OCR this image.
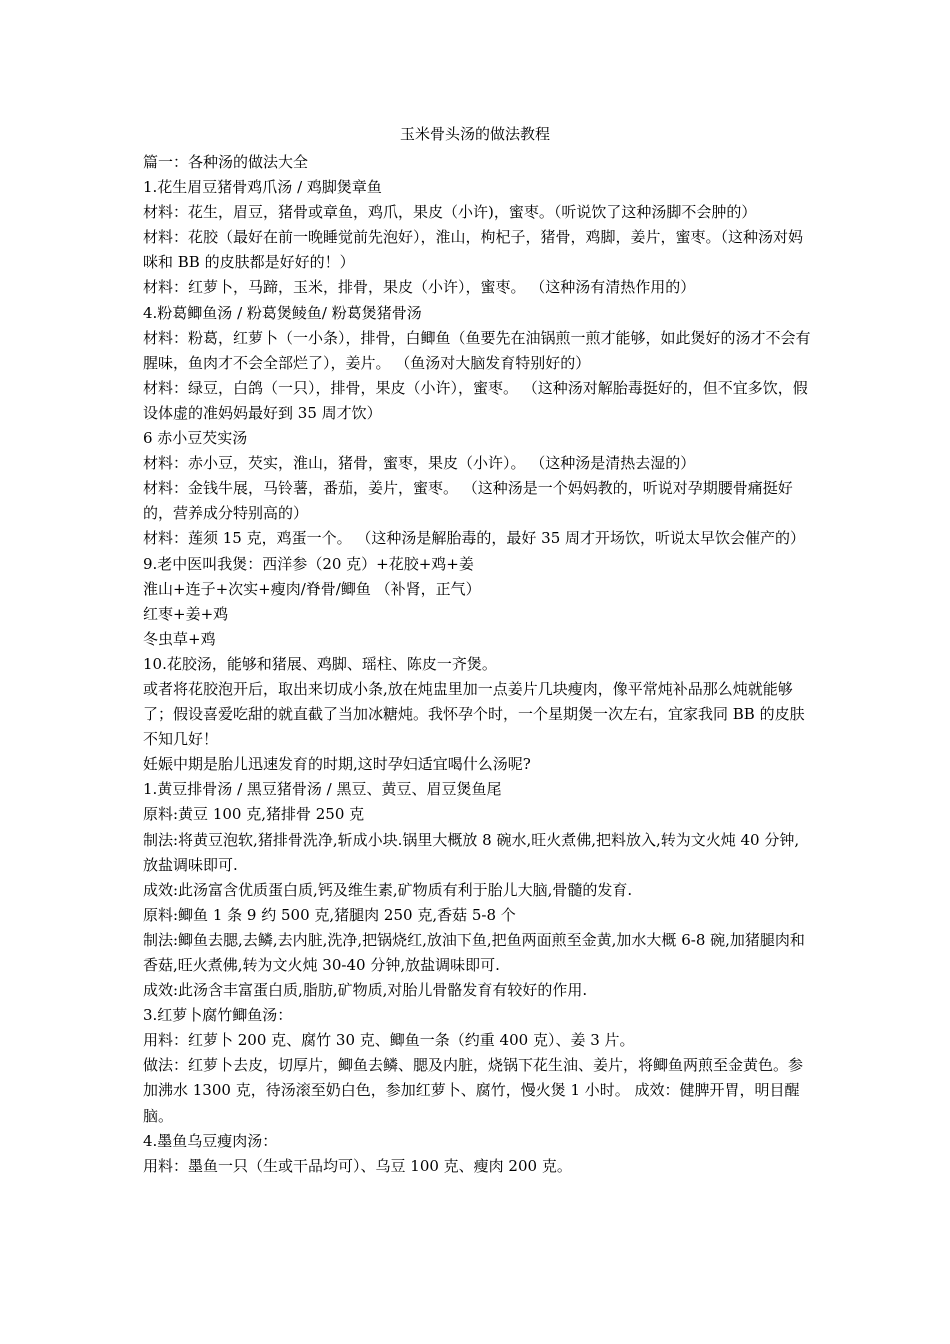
玉米骨头汤的做法教程

篇一：各种汤的做法大全

1.花生眉豆猪骨鸡爪汤 / 鸡脚煲章鱼

材料：花生，眉豆，猪骨或章鱼，鸡爪，果皮（小许)，蜜枣。（听说饮了这种汤脚不会肿的）

材料：花胶（最好在前一晚睡觉前先泡好），淮山，枸杞子，猪骨，鸡脚，姜片，蜜枣。（这种汤对妈咪和 BB 的皮肤都是好好的！）

材料：红萝卜，马蹄，玉米，排骨，果皮（小许），蜜枣。 （这种汤有清热作用的）

4.粉葛鲫鱼汤 / 粉葛煲鲮鱼/ 粉葛煲猪骨汤

材料：粉葛，红萝卜（一小条），排骨，白鲫鱼（鱼要先在油锅煎一煎才能够，如此煲好的汤才不会有腥味，鱼肉才不会全部烂了），姜片。 （鱼汤对大脑发育特别好的）

材料：绿豆，白鸽（一只），排骨，果皮（小许），蜜枣。 （这种汤对解胎毒挺好的，但不宜多饮，假设体虚的准妈妈最好到 35 周才饮）

6 赤小豆芡实汤

材料：赤小豆，芡实，淮山，猪骨，蜜枣，果皮（小许）。 （这种汤是清热去湿的）

材料：金钱牛展，马铃薯，番茄，姜片，蜜枣。 （这种汤是一个妈妈教的，听说对孕期腰骨痛挺好的，营养成分特别高的）

材料：莲须 15 克，鸡蛋一个。 （这种汤是解胎毒的，最好 35 周才开场饮，听说太早饮会催产的）

9.老中医叫我煲：西洋参（20 克）+花胶+鸡+姜

淮山+连子+次实+瘦肉/脊骨/鲫鱼 （补肾，正气）

红枣+姜+鸡

冬虫草+鸡

10.花胶汤，能够和猪展、鸡脚、瑶柱、陈皮一齐煲。

或者将花胶泡开后，取出来切成小条,放在炖盅里加一点姜片几块瘦肉，像平常炖补品那么炖就能够了；假设喜爱吃甜的就直截了当加冰糖炖。我怀孕个时，一个星期煲一次左右，宜家我同 BB 的皮肤不知几好！

妊娠中期是胎儿迅速发育的时期,这时孕妇适宜喝什么汤呢?

1.黄豆排骨汤 / 黑豆猪骨汤 / 黑豆、黄豆、眉豆煲鱼尾

原料:黄豆 100 克,猪排骨 250 克

制法:将黄豆泡软,猪排骨洗净,斩成小块.锅里大概放 8 碗水,旺火煮佛,把料放入,转为文火炖 40 分钟,放盐调味即可.

成效:此汤富含优质蛋白质,钙及维生素,矿物质有利于胎儿大脑,骨髓的发育.

原料:鲫鱼 1 条 9 约 500 克,猪腿肉 250 克,香菇 5-8 个

制法:鲫鱼去腮,去鳞,去内脏,洗净,把锅烧红,放油下鱼,把鱼两面煎至金黄,加水大概 6-8 碗,加猪腿肉和香菇,旺火煮佛,转为文火炖 30-40 分钟,放盐调味即可.

成效:此汤含丰富蛋白质,脂肪,矿物质,对胎儿骨骼发育有较好的作用.

3.红萝卜腐竹鲫鱼汤：

用料：红萝卜 200 克、腐竹 30 克、鲫鱼一条（约重 400 克）、姜 3 片。

做法：红萝卜去皮，切厚片，鲫鱼去鳞、腮及内脏，烧锅下花生油、姜片，将鲫鱼两煎至金黄色。参加沸水 1300 克，待汤滚至奶白色，参加红萝卜、腐竹，慢火煲 1 小时。 成效：健脾开胃，明目醒脑。

4.墨鱼乌豆瘦肉汤：

用料：墨鱼一只（生或干品均可）、乌豆 100 克、瘦肉 200 克。
